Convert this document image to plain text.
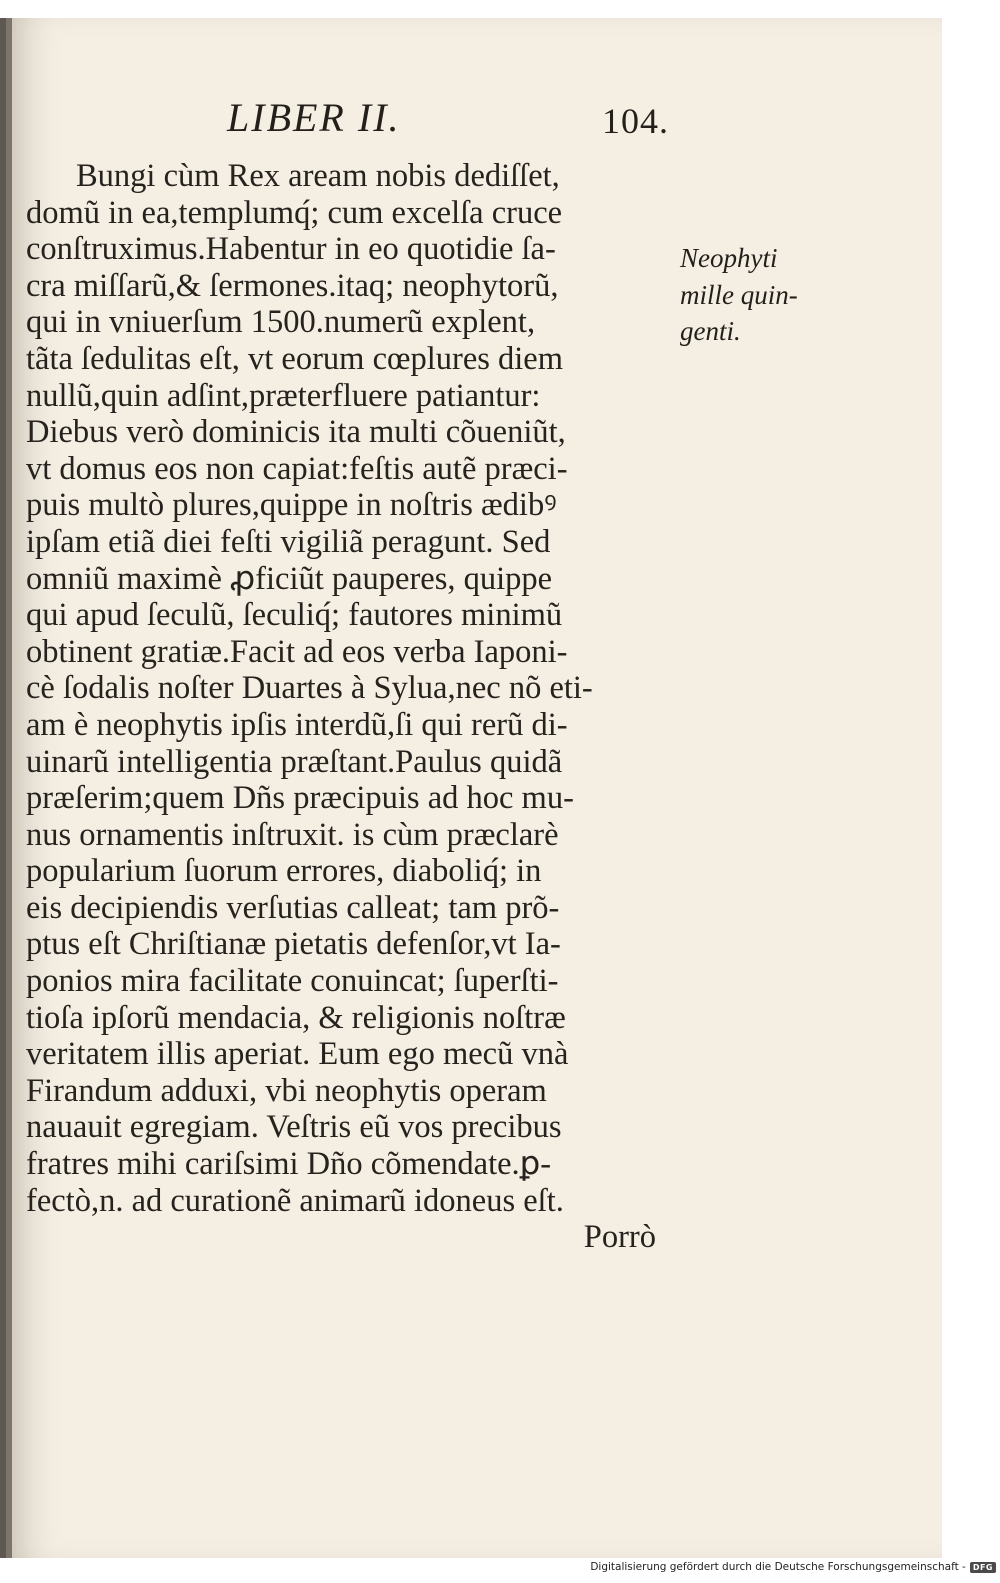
LIBER II.	104.
Bungi cùm Rex aream nobis dediſſet,
domũ in ea,templumq́; cum excelſa cruce
conſtruximus.Habentur in eo quotidie ſa-
cra miſſarũ,& ſermones.itaq; neophytorũ,
qui in vniuerſum 1500.numerũ explent,
tãta ſedulitas eſt, vt eorum cœplures diem
nullũ,quin adſint,præterfluere patiantur:
Diebus verò dominicis ita multi cõueniũt,
vt domus eos non capiat:feſtis autẽ præci-
puis multò plures,quippe in noſtris ædibꝰ
ipſam etiã diei feſti vigiliã peragunt. Sed
omniũ maximè ꝓficiũt pauperes, quippe
qui apud ſeculũ, ſeculiq́; fautores minimũ
obtinent gratiæ.Facit ad eos verba Iaponi-
cè ſodalis noſter Duartes à Sylua,nec nõ eti-
am è neophytis ipſis interdũ,ſi qui rerũ di-
uinarũ intelligentia præſtant.Paulus quidã
præſerim;quem Dñs præcipuis ad hoc mu-
nus ornamentis inſtruxit. is cùm præclarè
popularium ſuorum errores, diaboliq́; in
eis decipiendis verſutias calleat; tam prõ-
ptus eſt Chriſtianæ pietatis defenſor,vt Ia-
ponios mira facilitate conuincat; ſuperſti-
tioſa ipſorũ mendacia, & religionis noſtræ
veritatem illis aperiat. Eum ego mecũ vnà
Firandum adduxi, vbi neophytis operam
nauauit egregiam. Veſtris eũ vos precibus
fratres mihi cariſsimi Dño cõmendate.ꝑ-
fectò,n. ad curationẽ animarũ idoneus eſt.
Porrò
Neophyti
mille quin-
genti.
Digitalisierung gefördert durch die Deutsche Forschungsgemeinschaft - DFG
